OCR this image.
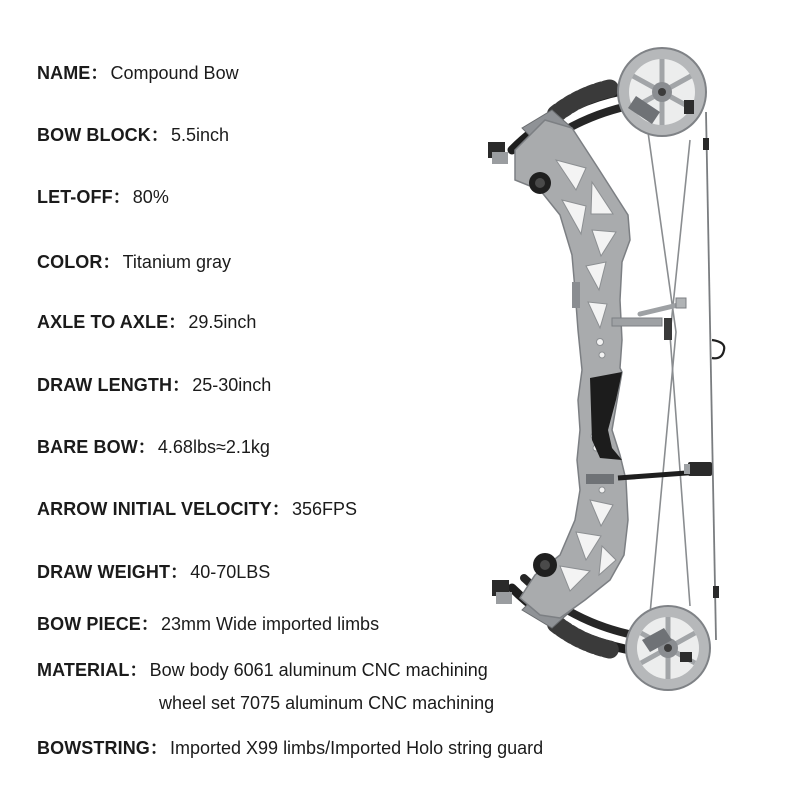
NAME： Compound Bow
BOW BLOCK： 5.5inch
LET-OFF： 80%
COLOR： Titanium gray
AXLE TO AXLE： 29.5inch
DRAW LENGTH： 25-30inch
BARE BOW： 4.68lbs≈2.1kg
ARROW INITIAL VELOCITY： 356FPS
DRAW WEIGHT： 40-70LBS
BOW PIECE： 23mm Wide imported limbs
MATERIAL： Bow body 6061 aluminum CNC machining
wheel set 7075 aluminum CNC machining
BOWSTRING： Imported X99 limbs/Imported Holo string guard
